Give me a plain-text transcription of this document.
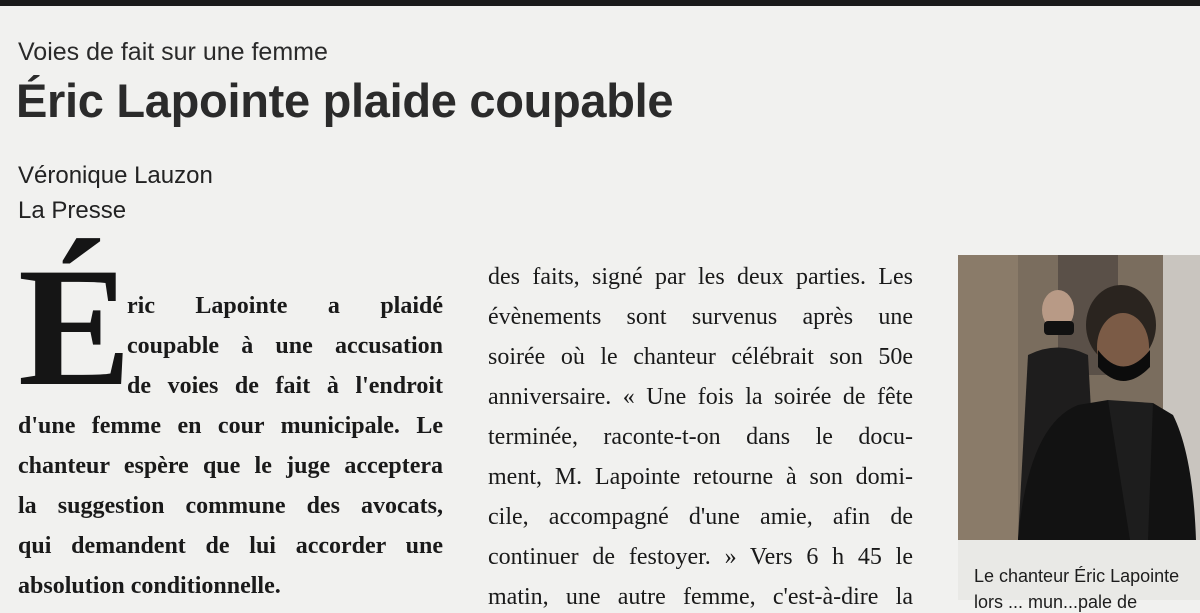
Voies de fait sur une femme
Éric Lapointe plaide coupable
Véronique Lauzon
La Presse
É
ric Lapointe a plaidé
coupable à une accusation
de voies de fait à l'endroit
d'une femme en cour municipale. Le
chanteur espère que le juge acceptera
la suggestion commune des avocats,
qui demandent de lui accorder une
absolution conditionnelle.
des faits, signé par les deux parties. Les
évènements sont survenus après une
soirée où le chanteur célébrait son 50e
anniversaire. « Une fois la soirée de fête
terminée, raconte-t-on dans le docu-
ment, M. Lapointe retourne à son domi-
cile, accompagné d'une amie, afin de
continuer de festoyer. » Vers 6 h 45 le
matin, une autre femme, c'est-à-dire la
Le chanteur Éric Lapointe
lors ... mun...pale de
